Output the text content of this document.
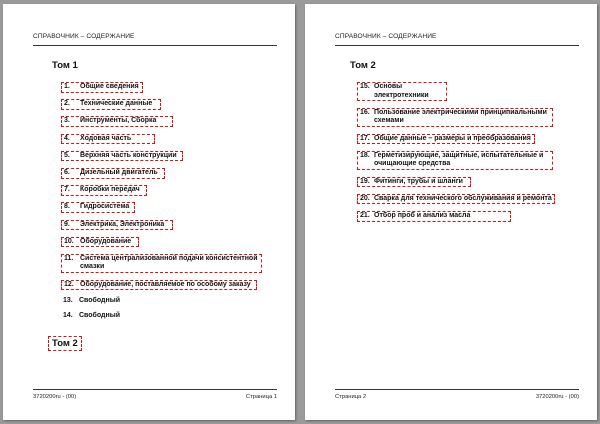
СПРАВОЧНИК – СОДЕРЖАНИЕ
Том 1
1.	Общие сведения
2.	Технические данные
3.	Инструменты, Сборка
4.	Ходовая часть
5.	Верхняя часть конструкции
6.	Дизельный двигатель
7.	Коробки передач
8.	Гидросистема
9.	Электрика, Электроника
10. Оборудование
11. Система централизованной подачи консистентной смазки
12. Оборудование, поставляемое по особому заказу
13. Свободный
14. Свободный
Том 2
3720200ru - (00)	Страница 1
СПРАВОЧНИК – СОДЕРЖАНИЕ
Том 2
15. Основы электротехники
16. Пользование электрическими принципиальными схемами
17. Общие данные – размеры и преобразования
18. Герметизирующие, защитные, испытательные и очищающие средства
19. Фитинги, трубы и шланги
20. Сварка для технического обслуживания и ремонта
21. Отбор проб и анализ масла
Страница 2	3720200ru - (00)
